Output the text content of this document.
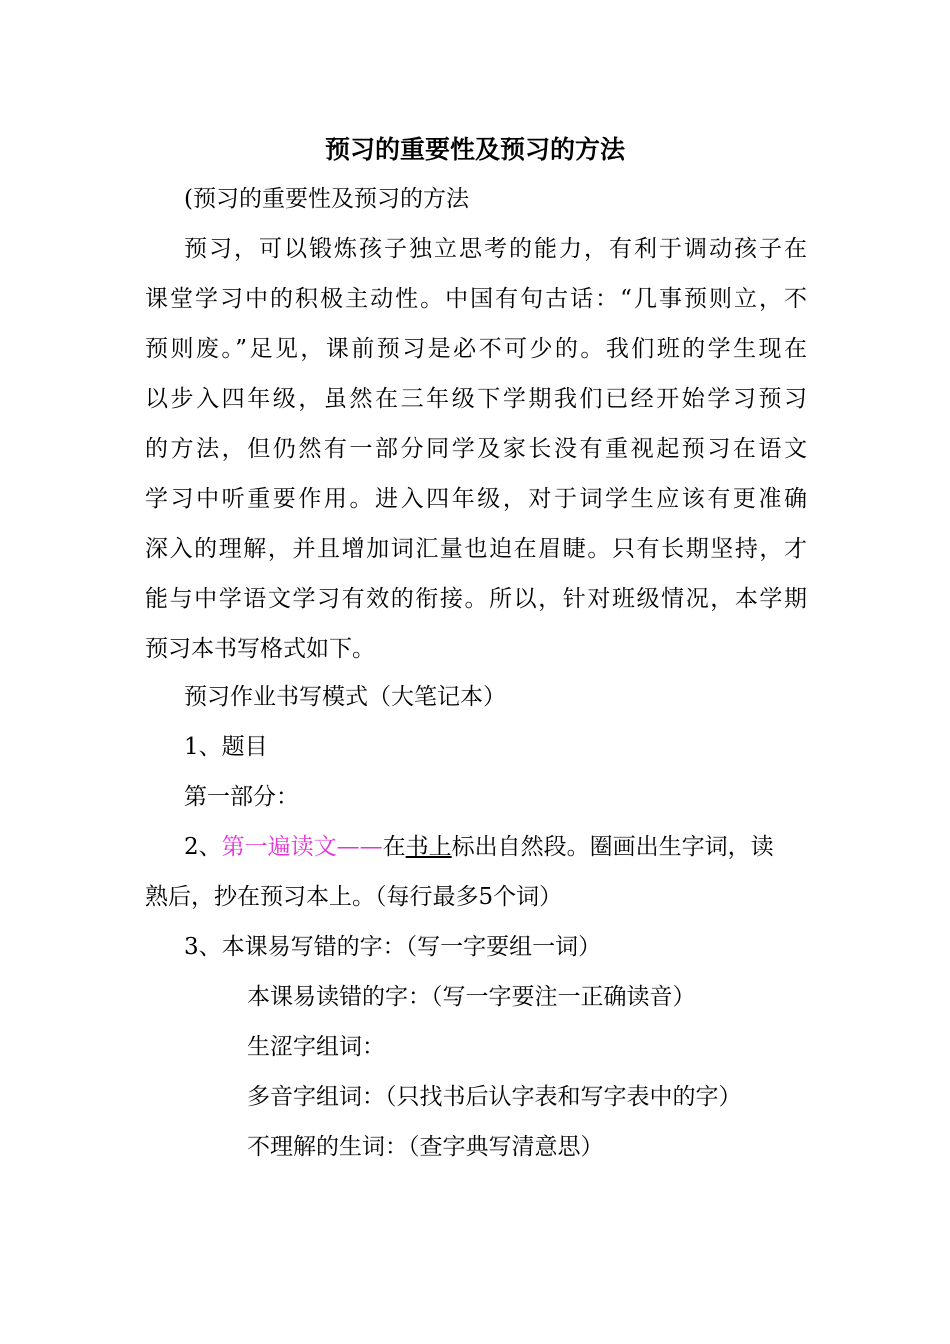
预习的重要性及预习的方法
(预习的重要性及预习的方法
预习，可以锻炼孩子独立思考的能力，有利于调动孩子在
课堂学习中的积极主动性。中国有句古话：“几事预则立，不
预则废。”足见，课前预习是必不可少的。我们班的学生现在
以步入四年级，虽然在三年级下学期我们已经开始学习预习
的方法，但仍然有一部分同学及家长没有重视起预习在语文
学习中听重要作用。进入四年级，对于词学生应该有更准确
深入的理解，并且增加词汇量也迫在眉睫。只有长期坚持，才
能与中学语文学习有效的衔接。所以，针对班级情况，本学期
预习本书写格式如下。
预习作业书写模式（大笔记本）
1、题目
第一部分：
2、第一遍读文——在书上标出自然段。圈画出生字词，读
熟后，抄在预习本上。（每行最多5个词）
3、本课易写错的字：（写一字要组一词）
本课易读错的字：（写一字要注一正确读音）
生涩字组词：
多音字组词：（只找书后认字表和写字表中的字）
不理解的生词：（查字典写清意思）
